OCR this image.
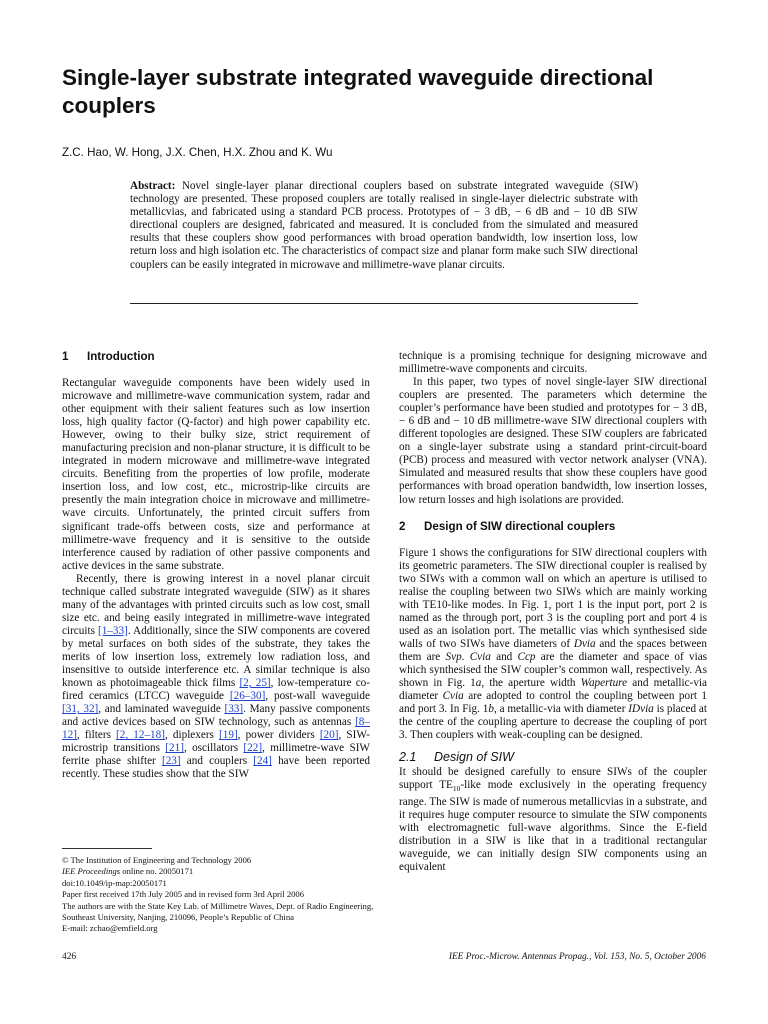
Single-layer substrate integrated waveguide directional couplers
Z.C. Hao, W. Hong, J.X. Chen, H.X. Zhou and K. Wu

Abstract: Novel single-layer planar directional couplers based on substrate integrated waveguide (SIW) technology are presented. These proposed couplers are totally realised in single-layer dielectric substrate with metallicvias, and fabricated using a standard PCB process. Prototypes of − 3 dB, − 6 dB and − 10 dB SIW directional couplers are designed, fabricated and measured. It is concluded from the simulated and measured results that these couplers show good performances with broad operation bandwidth, low insertion loss, low return loss and high isolation etc. The characteristics of compact size and planar form make such SIW directional couplers can be easily integrated in microwave and millimetre-wave planar circuits.

1 Introduction

Rectangular waveguide components have been widely used in microwave and millimetre-wave communication system, radar and other equipment with their salient features such as low insertion loss, high quality factor (Q-factor) and high power capability etc. However, owing to their bulky size, strict requirement of manufacturing precision and non-planar structure, it is difficult to be integrated in modern microwave and millimetre-wave integrated circuits. Benefiting from the properties of low profile, moderate insertion loss, and low cost, etc., microstrip-like circuits are presently the main integration choice in microwave and millimetre-wave circuits. Unfortunately, the printed circuit suffers from significant trade-offs between costs, size and performance at millimetre-wave frequency and it is sensitive to the outside interference caused by radiation of other passive components and active devices in the same substrate.

Recently, there is growing interest in a novel planar circuit technique called substrate integrated waveguide (SIW) as it shares many of the advantages with printed circuits such as low cost, small size etc. and being easily integrated in millimetre-wave integrated circuits [1–33]. Additionally, since the SIW components are covered by metal surfaces on both sides of the substrate, they takes the merits of low insertion loss, extremely low radiation loss, and insensitive to outside interference etc. A similar technique is also known as photoimageable thick films [2, 25], low-temperature co-fired ceramics (LTCC) waveguide [26–30], post-wall waveguide [31, 32], and laminated waveguide [33]. Many passive components and active devices based on SIW technology, such as antennas [8–12], filters [2, 12–18], diplexers [19], power dividers [20], SIW-microstrip transitions [21], oscillators [22], millimetre-wave SIW ferrite phase shifter [23] and couplers [24] have been reported recently. These studies show that the SIW

technique is a promising technique for designing microwave and millimetre-wave components and circuits.

In this paper, two types of novel single-layer SIW directional couplers are presented. The parameters which determine the coupler’s performance have been studied and prototypes for − 3 dB, − 6 dB and − 10 dB millimetre-wave SIW directional couplers with different topologies are designed. These SIW couplers are fabricated on a single-layer substrate using a standard print-circuit-board (PCB) process and measured with vector network analyser (VNA). Simulated and measured results that show these couplers have good performances with broad operation bandwidth, low insertion losses, low return losses and high isolations are provided.

2 Design of SIW directional couplers

Figure 1 shows the configurations for SIW directional couplers with its geometric parameters. The SIW directional coupler is realised by two SIWs with a common wall on which an aperture is utilised to realise the coupling between two SIWs which are mainly working with TE10-like modes. In Fig. 1, port 1 is the input port, port 2 is named as the through port, port 3 is the coupling port and port 4 is used as an isolation port. The metallic vias which synthesised side walls of two SIWs have diameters of Dvia and the spaces between them are Svp. Cvia and Ccp are the diameter and space of vias which synthesised the SIW coupler’s common wall, respectively. As shown in Fig. 1a, the aperture width Waperture and metallic-via diameter Cvia are adopted to control the coupling between port 1 and port 3. In Fig. 1b, a metallic-via with diameter IDvia is placed at the centre of the coupling aperture to decrease the coupling of port 3. Then couplers with weak-coupling can be designed.

2.1 Design of SIW

It should be designed carefully to ensure SIWs of the coupler support $TE_{10}$-like mode exclusively in the operating frequency range. The SIW is made of numerous metallicvias in a substrate, and it requires huge computer resource to simulate the SIW components with electromagnetic full-wave algorithms. Since the E-field distribution in a SIW is like that in a traditional rectangular waveguide, we can initially design SIW components using an equivalent

© The Institution of Engineering and Technology 2006
IEE Proceedings online no. 20050171
doi:10.1049/ip-map:20050171
Paper first received 17th July 2005 and in revised form 3rd April 2006
The authors are with the State Key Lab. of Millimetre Waves, Dept. of Radio Engineering, Southeast University, Nanjing, 210096, People’s Republic of China
E-mail: zchao@emfield.org
426	IEE Proc.-Microw. Antennas Propag., Vol. 153, No. 5, October 2006
